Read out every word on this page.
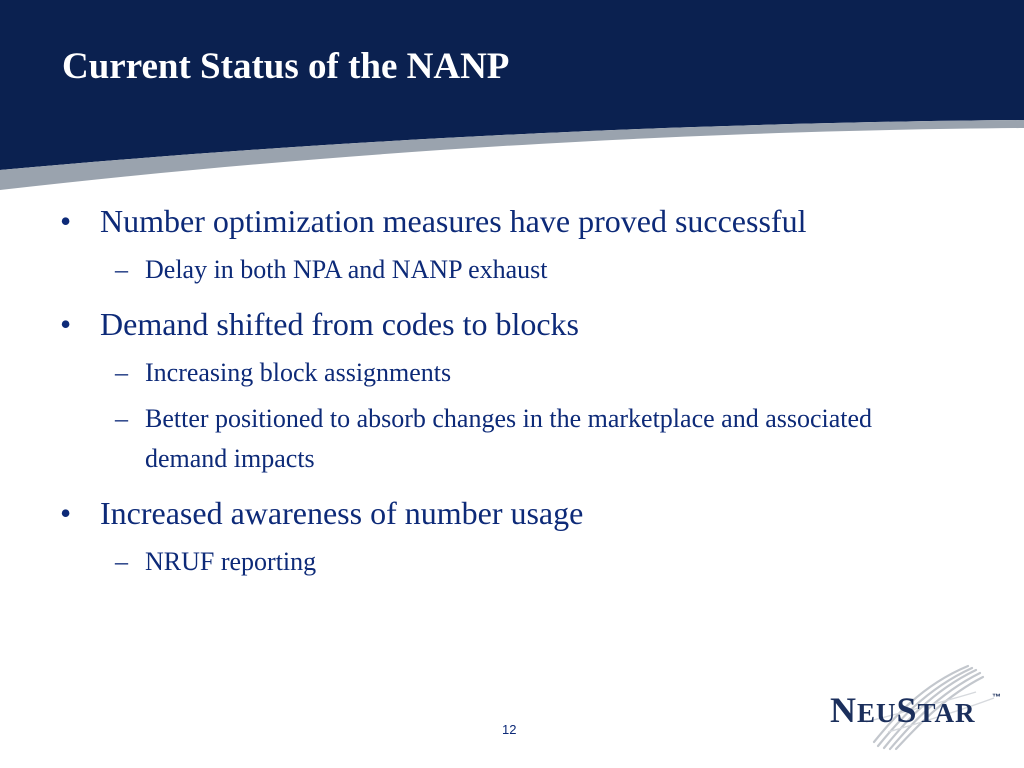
Current Status of the NANP
• Number optimization measures have proved successful
– Delay in both NPA and NANP exhaust
• Demand shifted from codes to blocks
– Increasing block assignments
– Better positioned to absorb changes in the marketplace and associated demand impacts
• Increased awareness of number usage
– NRUF reporting
12	NEUSTAR
™
